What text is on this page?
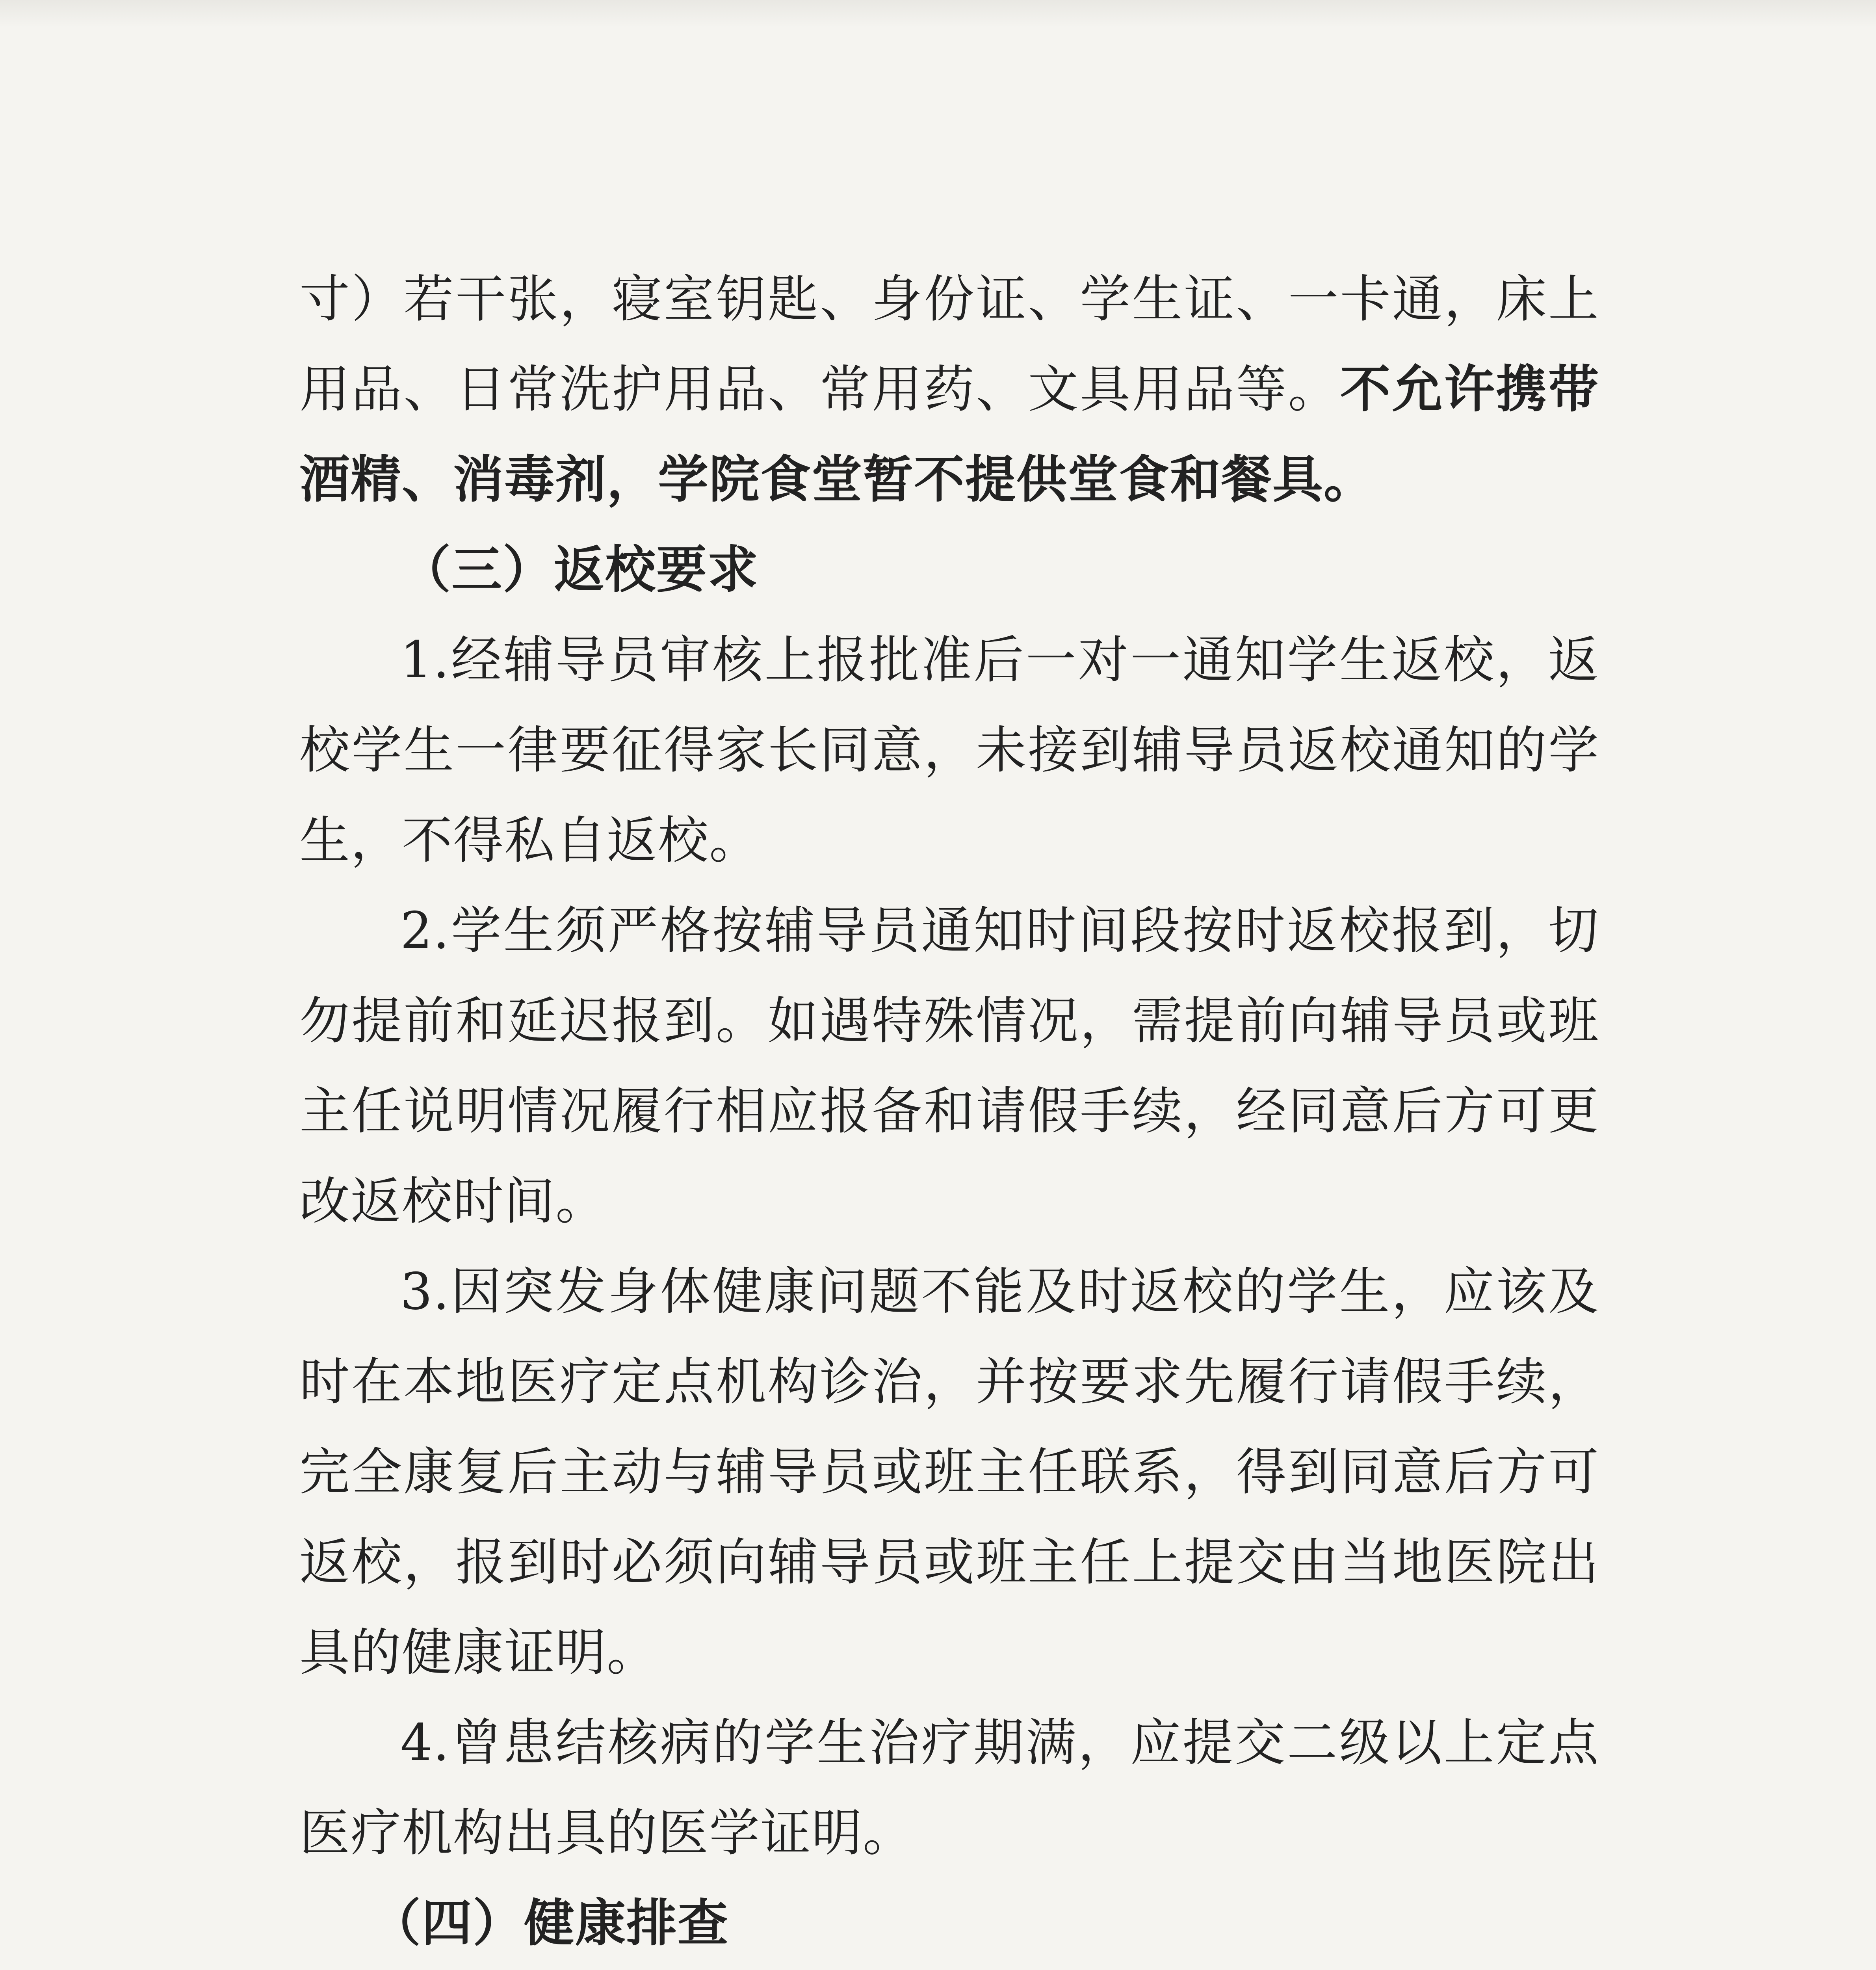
寸）若干张，寝室钥匙、身份证、学生证、一卡通，床上用品、日常洗护用品、常用药、文具用品等。不允许携带酒精、消毒剂，学院食堂暂不提供堂食和餐具。

（三）返校要求

1.经辅导员审核上报批准后一对一通知学生返校，返校学生一律要征得家长同意，未接到辅导员返校通知的学生，不得私自返校。

2.学生须严格按辅导员通知时间段按时返校报到，切勿提前和延迟报到。如遇特殊情况，需提前向辅导员或班主任说明情况履行相应报备和请假手续，经同意后方可更改返校时间。

3.因突发身体健康问题不能及时返校的学生，应该及时在本地医疗定点机构诊治，并按要求先履行请假手续，完全康复后主动与辅导员或班主任联系，得到同意后方可返校，报到时必须向辅导员或班主任上提交由当地医院出具的健康证明。

4.曾患结核病的学生治疗期满，应提交二级以上定点医疗机构出具的医学证明。

（四）健康排查
